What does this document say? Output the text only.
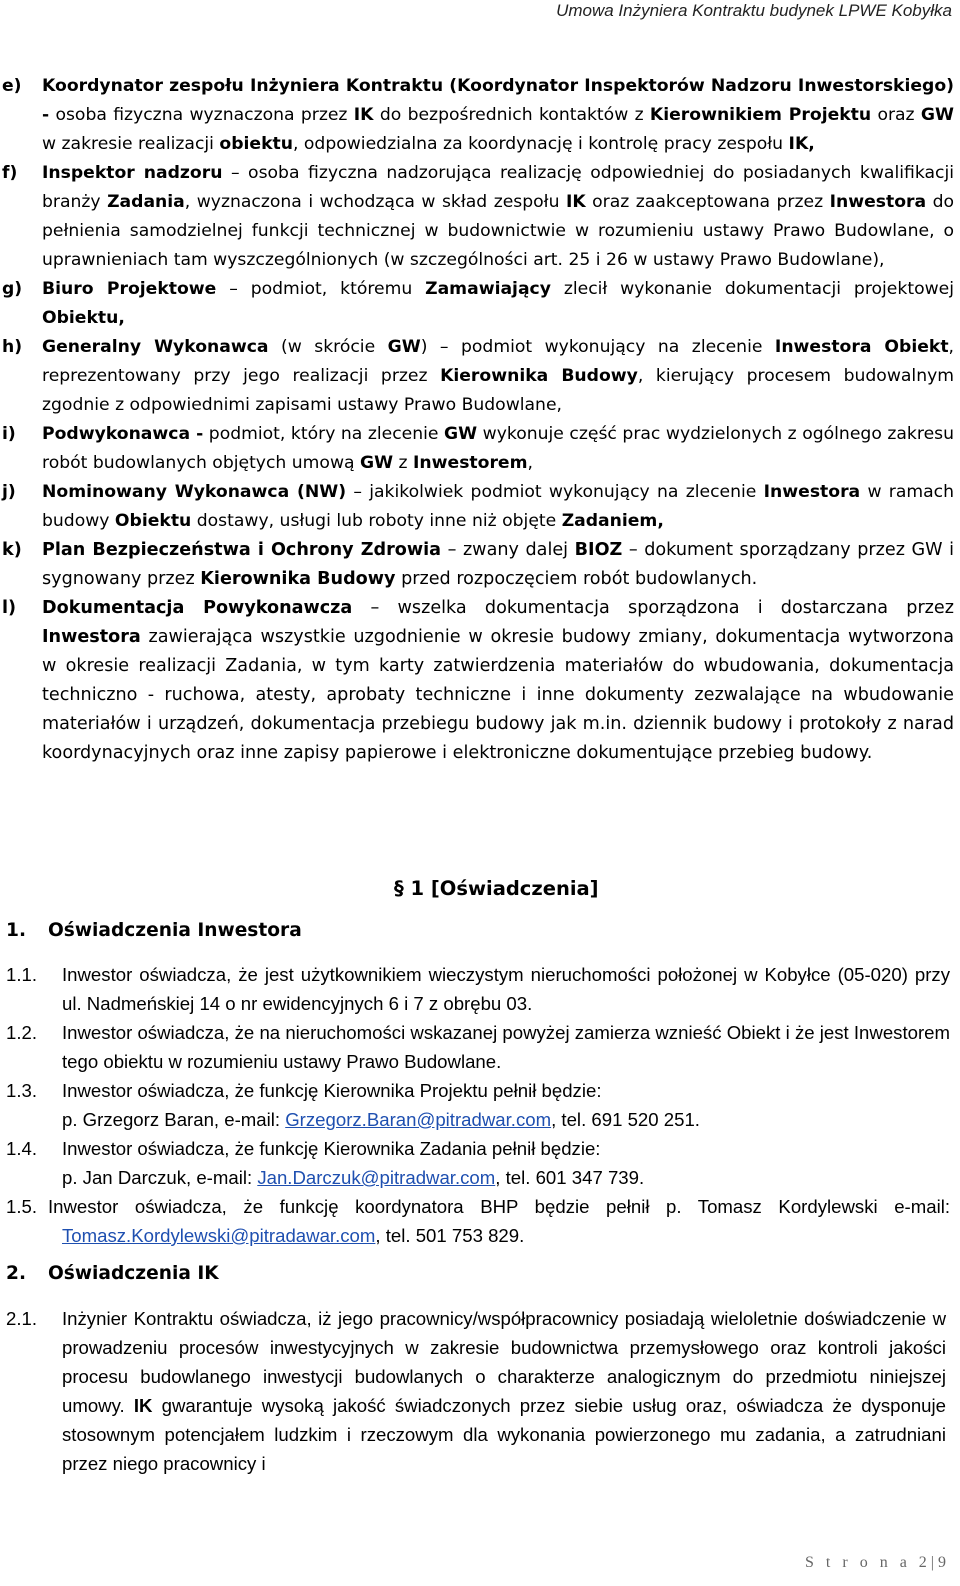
Umowa Inżyniera Kontraktu budynek LPWE Kobyłka
e) Koordynator zespołu Inżyniera Kontraktu (Koordynator Inspektorów Nadzoru Inwestorskiego) - osoba fizyczna wyznaczona przez IK do bezpośrednich kontaktów z Kierownikiem Projektu oraz GW w zakresie realizacji obiektu, odpowiedzialna za koordynację i kontrolę pracy zespołu IK,
f) Inspektor nadzoru – osoba fizyczna nadzorująca realizację odpowiedniej do posiadanych kwalifikacji branży Zadania, wyznaczona i wchodząca w skład zespołu IK oraz zaakceptowana przez Inwestora do pełnienia samodzielnej funkcji technicznej w budownictwie w rozumieniu ustawy Prawo Budowlane, o uprawnieniach tam wyszczególnionych (w szczególności art. 25 i 26 w ustawy Prawo Budowlane),
g) Biuro Projektowe – podmiot, któremu Zamawiający zlecił wykonanie dokumentacji projektowej Obiektu,
h) Generalny Wykonawca (w skrócie GW) – podmiot wykonujący na zlecenie Inwestora Obiekt, reprezentowany przy jego realizacji przez Kierownika Budowy, kierujący procesem budowalnym zgodnie z odpowiednimi zapisami ustawy Prawo Budowlane,
i) Podwykonawca - podmiot, który na zlecenie GW wykonuje część prac wydzielonych z ogólnego zakresu robót budowlanych objętych umową GW z Inwestorem,
j) Nominowany Wykonawca (NW) – jakikolwiek podmiot wykonujący na zlecenie Inwestora w ramach budowy Obiektu dostawy, usługi lub roboty inne niż objęte Zadaniem,
k) Plan Bezpieczeństwa i Ochrony Zdrowia – zwany dalej BIOZ – dokument sporządzany przez GW i sygnowany przez Kierownika Budowy przed rozpoczęciem robót budowlanych.
l) Dokumentacja Powykonawcza – wszelka dokumentacja sporządzona i dostarczana przez Inwestora zawierająca wszystkie uzgodnienie w okresie budowy zmiany, dokumentacja wytworzona w okresie realizacji Zadania, w tym karty zatwierdzenia materiałów do wbudowania, dokumentacja techniczno - ruchowa, atesty, aprobaty techniczne i inne dokumenty zezwalające na wbudowanie materiałów i urządzeń, dokumentacja przebiegu budowy jak m.in. dziennik budowy i protokoły z narad koordynacyjnych oraz inne zapisy papierowe i elektroniczne dokumentujące przebieg budowy.
§ 1 [Oświadczenia]
1. Oświadczenia Inwestora
1.1. Inwestor oświadcza, że jest użytkownikiem wieczystym nieruchomości położonej w Kobyłce (05-020) przy ul. Nadmeńskiej 14 o nr ewidencyjnych 6 i 7 z obrębu 03.
1.2. Inwestor oświadcza, że na nieruchomości wskazanej powyżej zamierza wznieść Obiekt i że jest Inwestorem tego obiektu w rozumieniu ustawy Prawo Budowlane.
1.3. Inwestor oświadcza, że funkcję Kierownika Projektu pełnił będzie:
p. Grzegorz Baran, e-mail: Grzegorz.Baran@pitradwar.com, tel. 691 520 251.
1.4. Inwestor oświadcza, że funkcję Kierownika Zadania pełnił będzie:
p. Jan Darczuk, e-mail: Jan.Darczuk@pitradwar.com, tel. 601 347 739.
1.5. Inwestor oświadcza, że funkcję koordynatora BHP będzie pełnił p. Tomasz Kordylewski e-mail: Tomasz.Kordylewski@pitradawar.com, tel. 501 753 829.
2. Oświadczenia IK
2.1. Inżynier Kontraktu oświadcza, iż jego pracownicy/współpracownicy posiadają wieloletnie doświadczenie w prowadzeniu procesów inwestycyjnych w zakresie budownictwa przemysłowego oraz kontroli jakości procesu budowlanego inwestycji budowlanych o charakterze analogicznym do przedmiotu niniejszej umowy. IK gwarantuje wysoką jakość świadczonych przez siebie usług oraz, oświadcza że dysponuje stosownym potencjałem ludzkim i rzeczowym dla wykonania powierzonego mu zadania, a zatrudniani przez niego pracownicy i
S t r o n a 2|9
